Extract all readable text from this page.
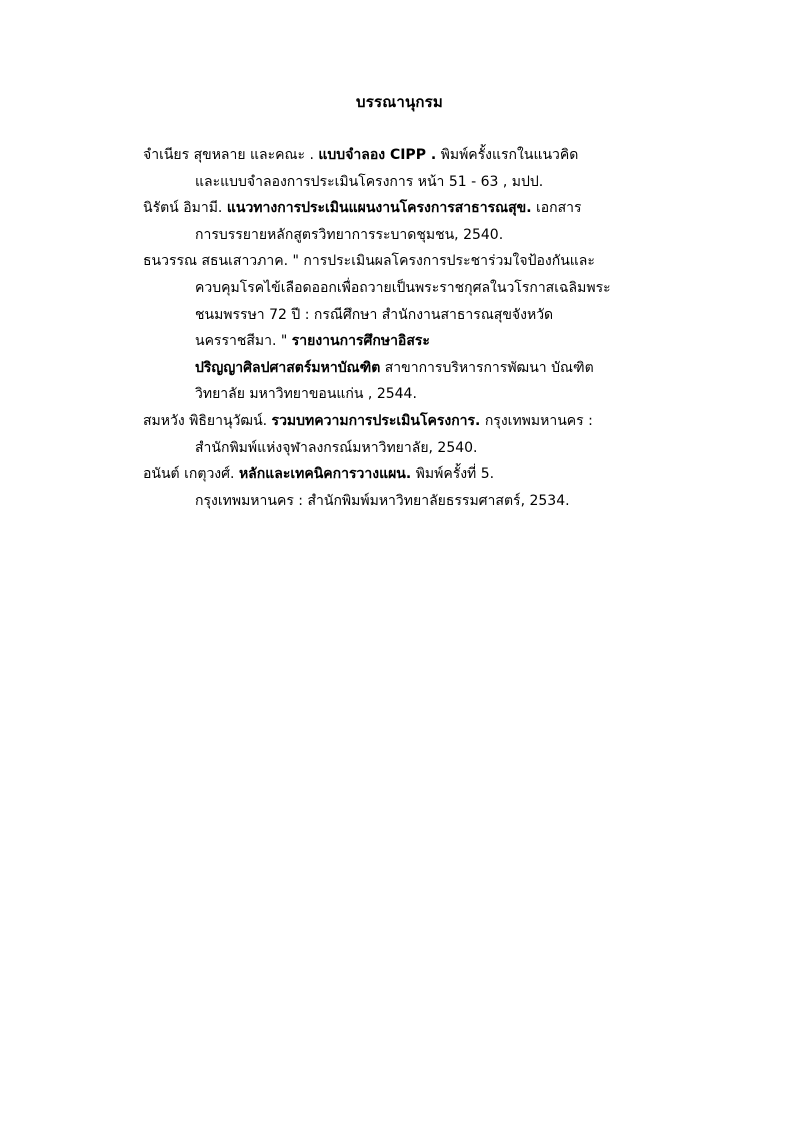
บรรณานุกรม
จำเนียร สุขหลาย และคณะ . แบบจำลอง CIPP . พิมพ์ครั้งแรกในแนวคิด
และแบบจำลองการประเมินโครงการ หน้า 51 - 63 , มปป.
นิรัตน์ อิมามี. แนวทางการประเมินแผนงานโครงการสาธารณสุข. เอกสาร
การบรรยายหลักสูตรวิทยาการระบาดชุมชน, 2540.
ธนวรรณ สธนเสาวภาค. " การประเมินผลโครงการประชาร่วมใจป้องกันและ
ควบคุมโรคไข้เลือดออกเพื่อถวายเป็นพระราชกุศลในวโรกาสเฉลิมพระ
ชนมพรรษา 72 ปี : กรณีศึกษา สำนักงานสาธารณสุขจังหวัด
นครราชสีมา. " รายงานการศึกษาอิสระ
ปริญญาศิลปศาสตร์มหาบัณฑิต สาขาการบริหารการพัฒนา บัณฑิต
วิทยาลัย มหาวิทยาขอนแก่น , 2544.
สมหวัง พิธิยานุวัฒน์. รวมบทความการประเมินโครงการ. กรุงเทพมหานคร :
สำนักพิมพ์แห่งจุฬาลงกรณ์มหาวิทยาลัย, 2540.
อนันต์ เกตุวงศ์. หลักและเทคนิคการวางแผน. พิมพ์ครั้งที่ 5.
กรุงเทพมหานคร : สำนักพิมพ์มหาวิทยาลัยธรรมศาสตร์, 2534.
